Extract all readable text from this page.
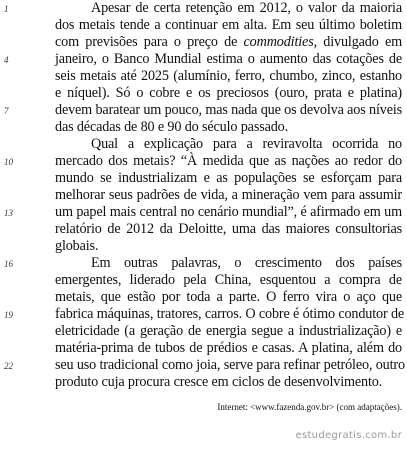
Apesar de certa retenção em 2012, o valor da maioria
dos metais tende a continuar em alta. Em seu último boletim
com previsões para o preço de commodities, divulgado em
janeiro, o Banco Mundial estima o aumento das cotações de
seis metais até 2025 (alumínio, ferro, chumbo, zinco, estanho
e níquel). Só o cobre e os preciosos (ouro, prata e platina)
devem baratear um pouco, mas nada que os devolva aos níveis
das décadas de 80 e 90 do século passado.
Qual a explicação para a reviravolta ocorrida no
mercado dos metais? “À medida que as nações ao redor do
mundo se industrializam e as populações se esforçam para
melhorar seus padrões de vida, a mineração vem para assumir
um papel mais central no cenário mundial”, é afirmado em um
relatório de 2012 da Deloitte, uma das maiores consultorias
globais.
Em outras palavras, o crescimento dos países
emergentes, liderado pela China, esquentou a compra de
metais, que estão por toda a parte. O ferro vira o aço que
fabrica máquinas, tratores, carros. O cobre é ótimo condutor de
eletricidade (a geração de energia segue a industrialização) e
matéria-prima de tubos de prédios e casas. A platina, além do
seu uso tradicional como joia, serve para refinar petróleo, outro
produto cuja procura cresce em ciclos de desenvolvimento.
1
4
7
10
13
16
19
22
Internet: <www.fazenda.gov.br> (com adaptações).
estudegratis.com.br
